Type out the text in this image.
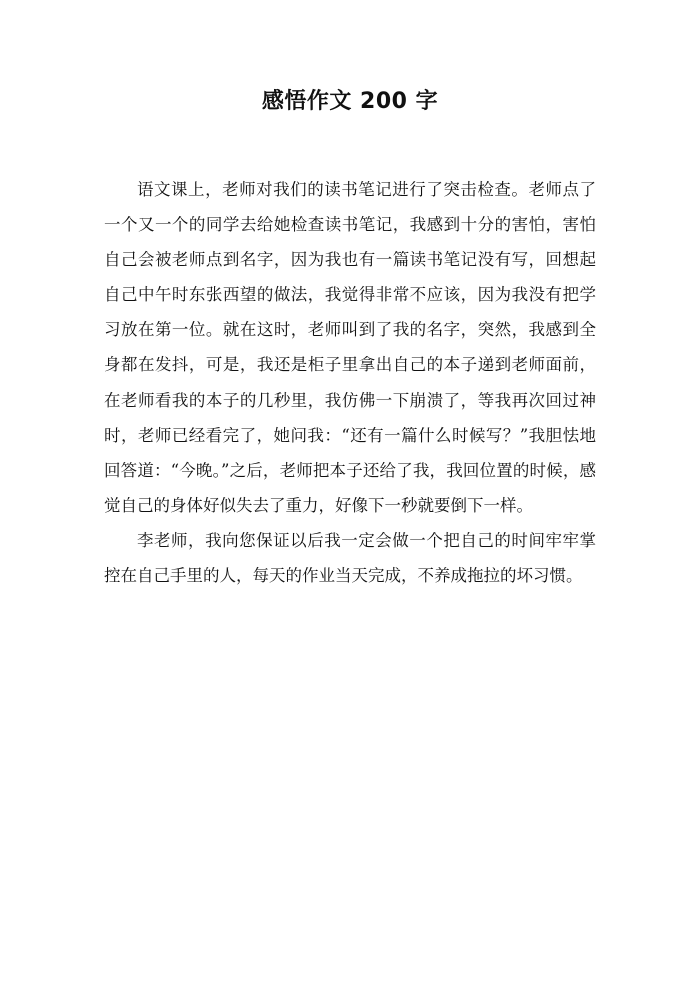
感悟作文 200 字

语文课上，老师对我们的读书笔记进行了突击检查。老师点了一个又一个的同学去给她检查读书笔记，我感到十分的害怕，害怕自己会被老师点到名字，因为我也有一篇读书笔记没有写，回想起自己中午时东张西望的做法，我觉得非常不应该，因为我没有把学习放在第一位。就在这时，老师叫到了我的名字，突然，我感到全身都在发抖，可是，我还是柜子里拿出自己的本子递到老师面前，在老师看我的本子的几秒里，我仿佛一下崩溃了，等我再次回过神时，老师已经看完了，她问我：“还有一篇什么时候写？”我胆怯地回答道：“今晚。”之后，老师把本子还给了我，我回位置的时候，感觉自己的身体好似失去了重力，好像下一秒就要倒下一样。

李老师，我向您保证以后我一定会做一个把自己的时间牢牢掌控在自己手里的人，每天的作业当天完成，不养成拖拉的坏习惯。
